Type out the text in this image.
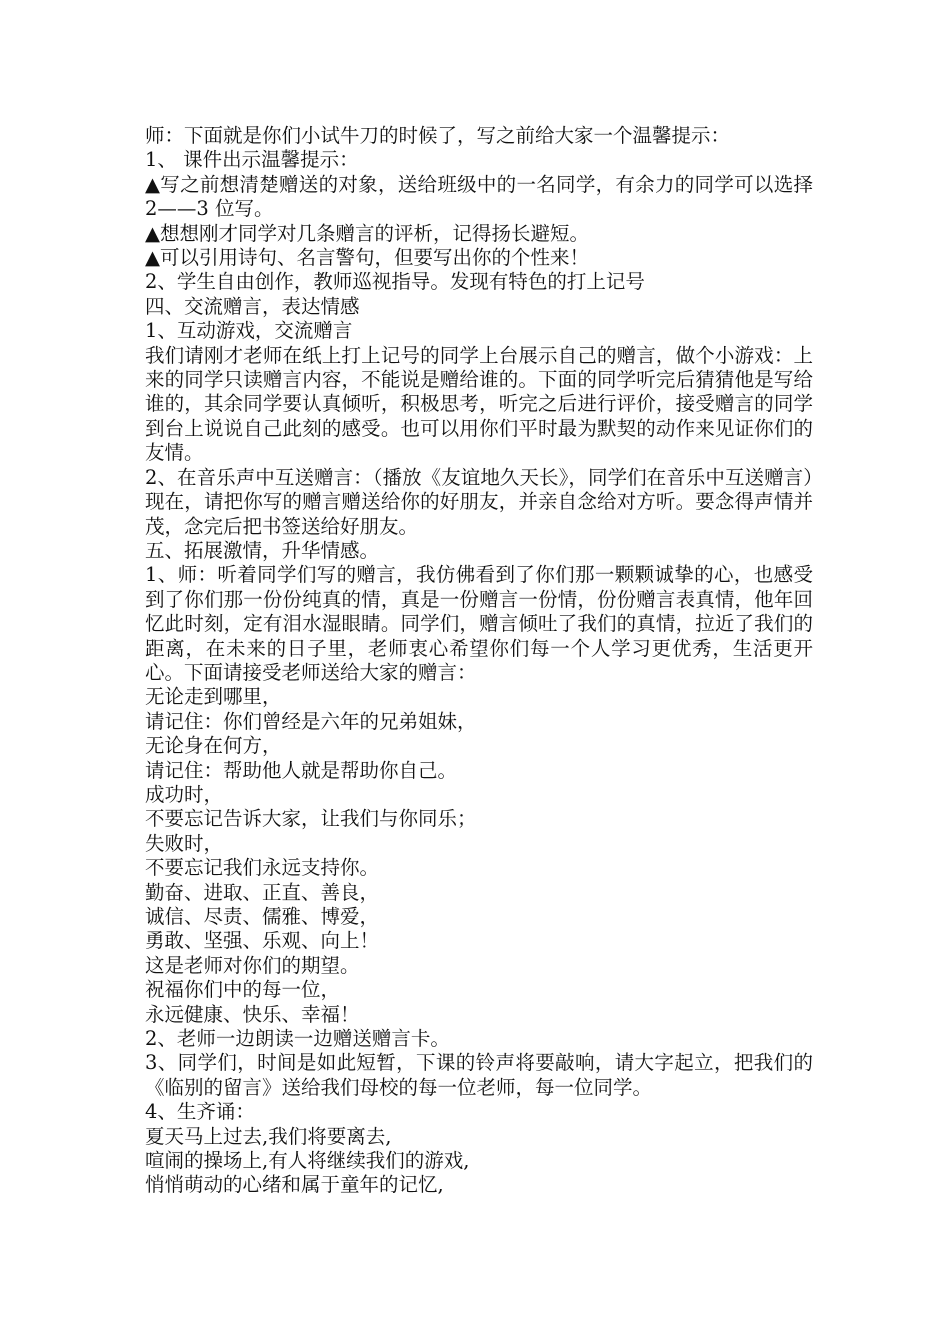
师：下面就是你们小试牛刀的时候了，写之前给大家一个温馨提示：

1、 课件出示温馨提示：

▲写之前想清楚赠送的对象，送给班级中的一名同学，有余力的同学可以选择 2——3 位写。

▲想想刚才同学对几条赠言的评析，记得扬长避短。

▲可以引用诗句、名言警句，但要写出你的个性来！

2、学生自由创作，教师巡视指导。发现有特色的打上记号

四、交流赠言，表达情感

1、互动游戏，交流赠言

我们请刚才老师在纸上打上记号的同学上台展示自己的赠言，做个小游戏：上来的同学只读赠言内容，不能说是赠给谁的。下面的同学听完后猜猜他是写给谁的，其余同学要认真倾听，积极思考，听完之后进行评价，接受赠言的同学到台上说说自己此刻的感受。也可以用你们平时最为默契的动作来见证你们的友情。

2、在音乐声中互送赠言：（播放《友谊地久天长》，同学们在音乐中互送赠言）现在，请把你写的赠言赠送给你的好朋友，并亲自念给对方听。要念得声情并茂，念完后把书签送给好朋友。

五、拓展激情，升华情感。

1、师：听着同学们写的赠言，我仿佛看到了你们那一颗颗诚挚的心，也感受到了你们那一份份纯真的情，真是一份赠言一份情，份份赠言表真情，他年回忆此时刻，定有泪水湿眼睛。同学们，赠言倾吐了我们的真情，拉近了我们的距离，在未来的日子里，老师衷心希望你们每一个人学习更优秀，生活更开心。下面请接受老师送给大家的赠言：

无论走到哪里，

请记住：你们曾经是六年的兄弟姐妹，

无论身在何方，

请记住：帮助他人就是帮助你自己。

成功时，

不要忘记告诉大家，让我们与你同乐；

失败时，

不要忘记我们永远支持你。

勤奋、进取、正直、善良，

诚信、尽责、儒雅、博爱，

勇敢、坚强、乐观、向上！

这是老师对你们的期望。

祝福你们中的每一位，

永远健康、快乐、幸福！

2、老师一边朗读一边赠送赠言卡。

3、同学们，时间是如此短暂，下课的铃声将要敲响，请大字起立，把我们的《临别的留言》送给我们母校的每一位老师，每一位同学。

4、生齐诵：

夏天马上过去,我们将要离去,

喧闹的操场上,有人将继续我们的游戏,

悄悄萌动的心绪和属于童年的记忆,
